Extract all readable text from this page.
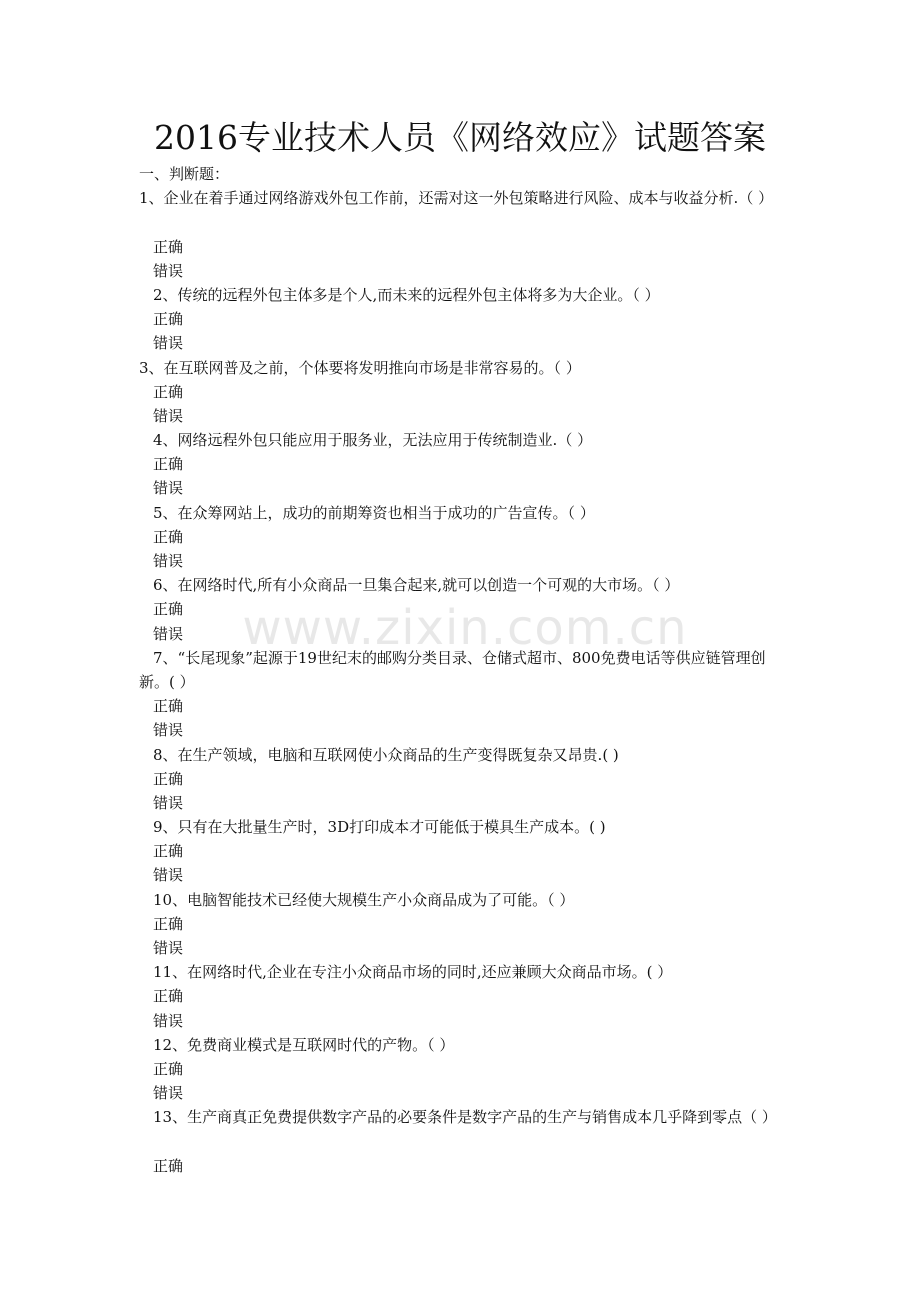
2016专业技术人员《网络效应》试题答案
一、判断题：
1、企业在着手通过网络游戏外包工作前，还需对这一外包策略进行风险、成本与收益分析.（ ）
正确
错误
2、传统的远程外包主体多是个人,而未来的远程外包主体将多为大企业。（ ）
正确
错误
3、在互联网普及之前，个体要将发明推向市场是非常容易的。（ ）
正确
错误
4、网络远程外包只能应用于服务业，无法应用于传统制造业.（ ）
正确
错误
5、在众筹网站上，成功的前期筹资也相当于成功的广告宣传。（ ）
正确
错误
6、在网络时代,所有小众商品一旦集合起来,就可以创造一个可观的大市场。（ ）
正确
错误
7、“长尾现象”起源于19世纪末的邮购分类目录、仓储式超市、800免费电话等供应链管理创新。( ）
正确
错误
8、在生产领域，电脑和互联网使小众商品的生产变得既复杂又昂贵.( )
正确
错误
9、只有在大批量生产时，3D打印成本才可能低于模具生产成本。( )
正确
错误
10、电脑智能技术已经使大规模生产小众商品成为了可能。（ ）
正确
错误
11、在网络时代,企业在专注小众商品市场的同时,还应兼顾大众商品市场。( ）
正确
错误
12、免费商业模式是互联网时代的产物。（ ）
正确
错误
13、生产商真正免费提供数字产品的必要条件是数字产品的生产与销售成本几乎降到零点（ ）
正确
www.zixin.com.cn
